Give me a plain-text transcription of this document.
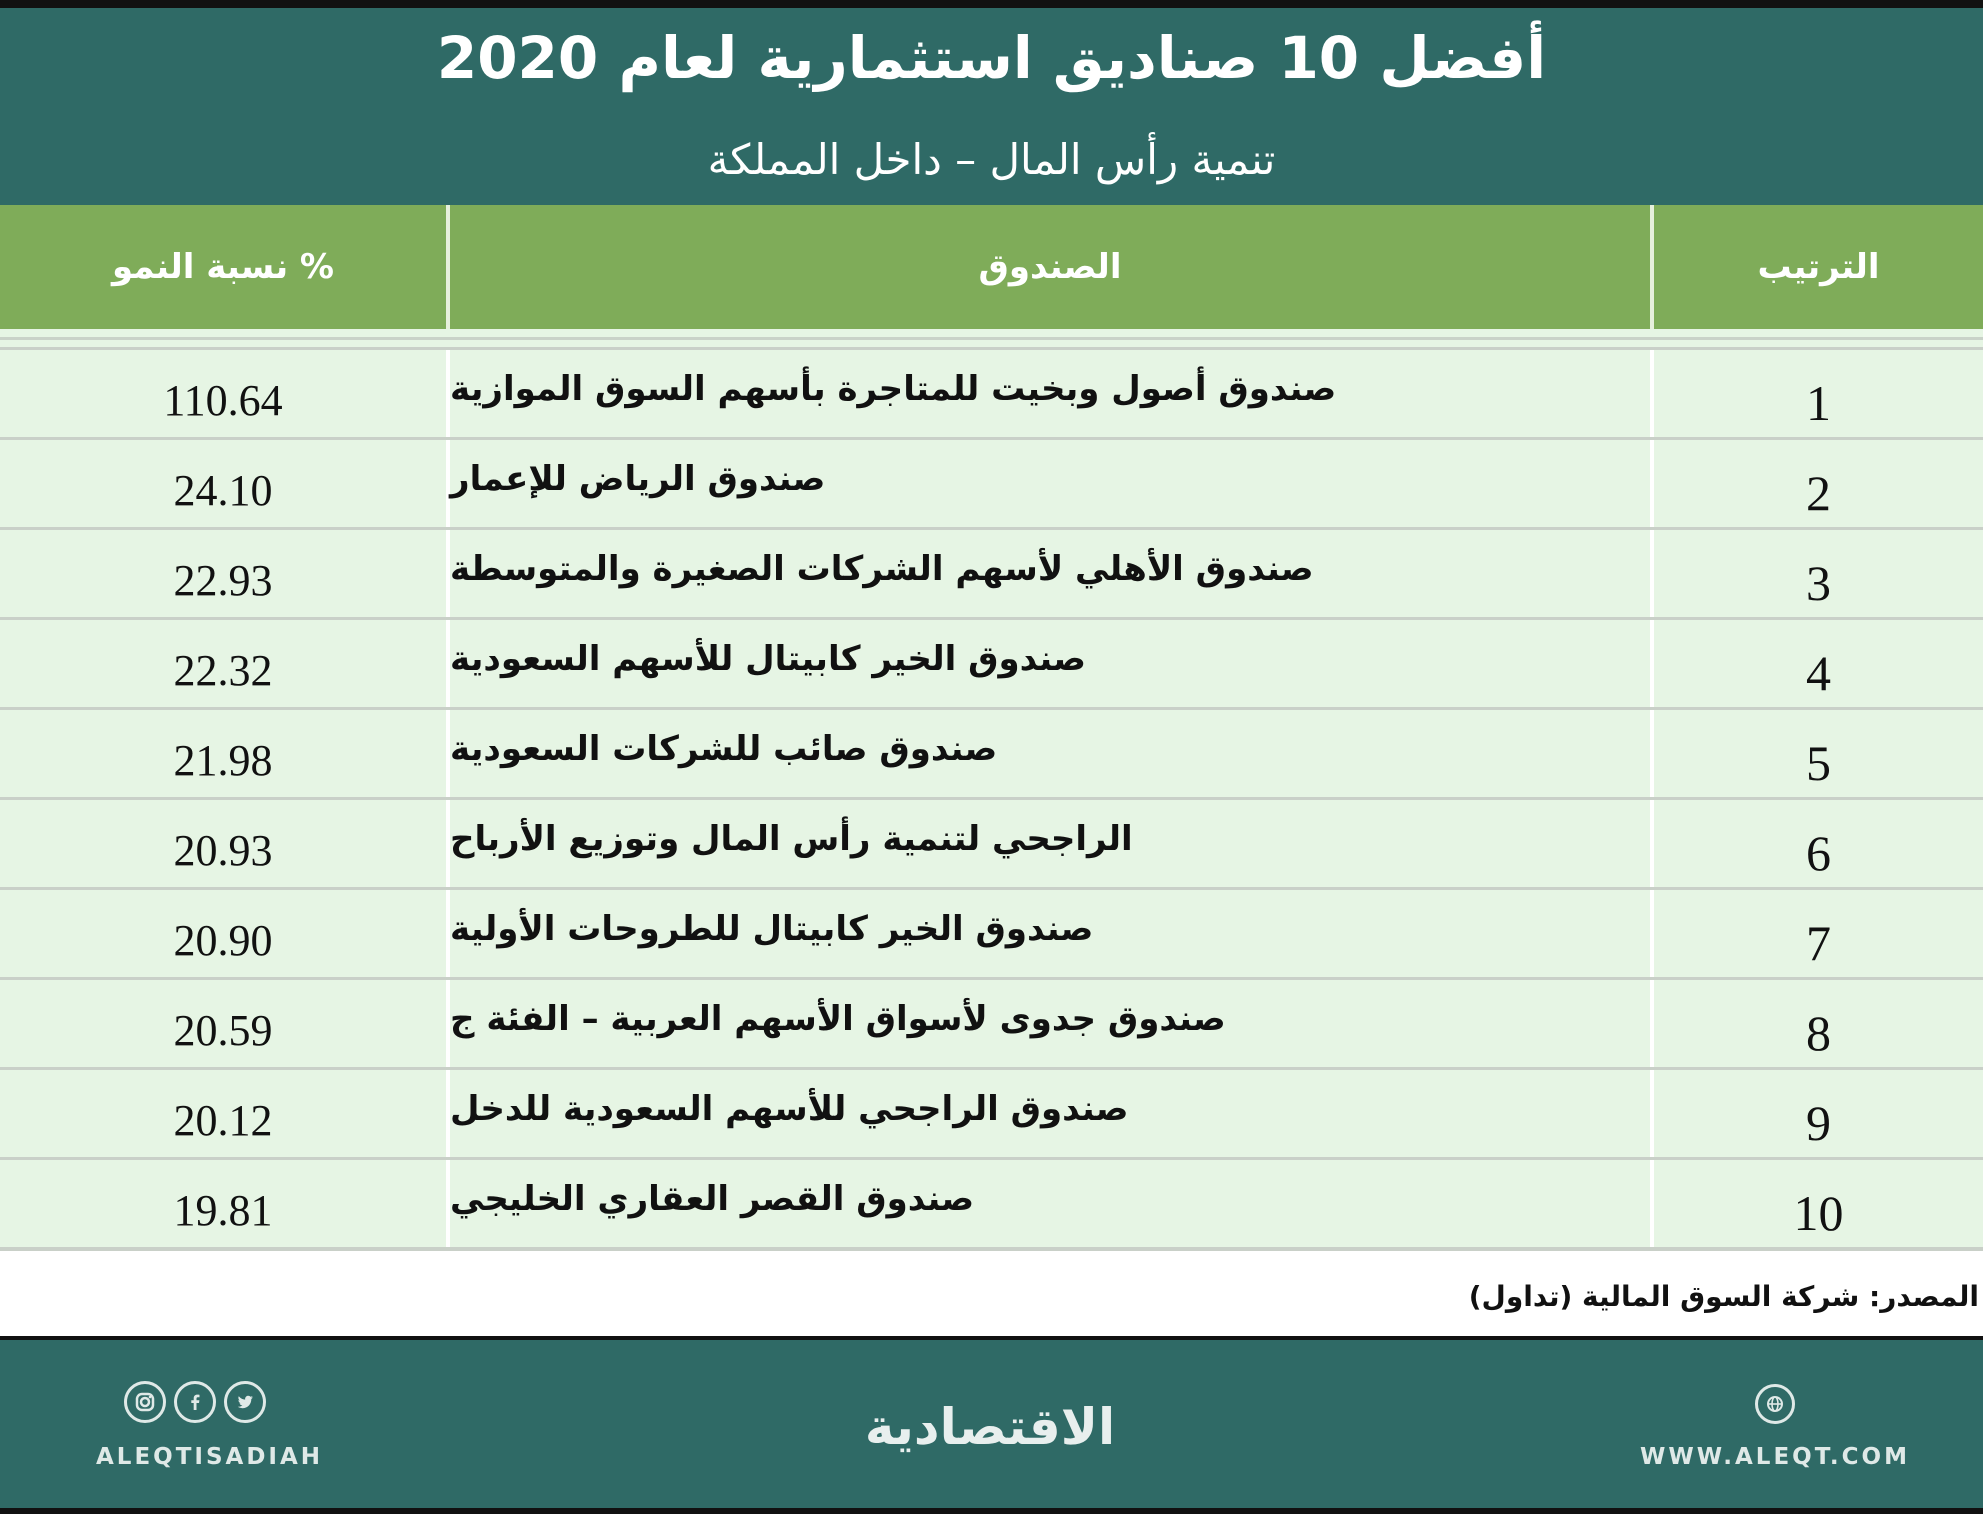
أفضل 10 صناديق استثمارية لعام 2020
تنمية رأس المال – داخل المملكة
نسبة النمو %	الصندوق	الترتيب
110.64	صندوق أصول وبخيت للمتاجرة بأسهم السوق الموازية	1
24.10	صندوق الرياض للإعمار	2
22.93	صندوق الأهلي لأسهم الشركات الصغيرة والمتوسطة	3
22.32	صندوق الخير كابيتال للأسهم السعودية	4
21.98	صندوق صائب للشركات السعودية	5
20.93	الراجحي لتنمية رأس المال وتوزيع الأرباح	6
20.90	صندوق الخير كابيتال للطروحات الأولية	7
20.59	صندوق جدوى لأسواق الأسهم العربية – الفئة ج	8
20.12	صندوق الراجحي للأسهم السعودية للدخل	9
19.81	صندوق القصر العقاري الخليجي	10
المصدر: شركة السوق المالية (تداول)
ALEQTISADIAH
الاقتصادية
WWW.ALEQT.COM
